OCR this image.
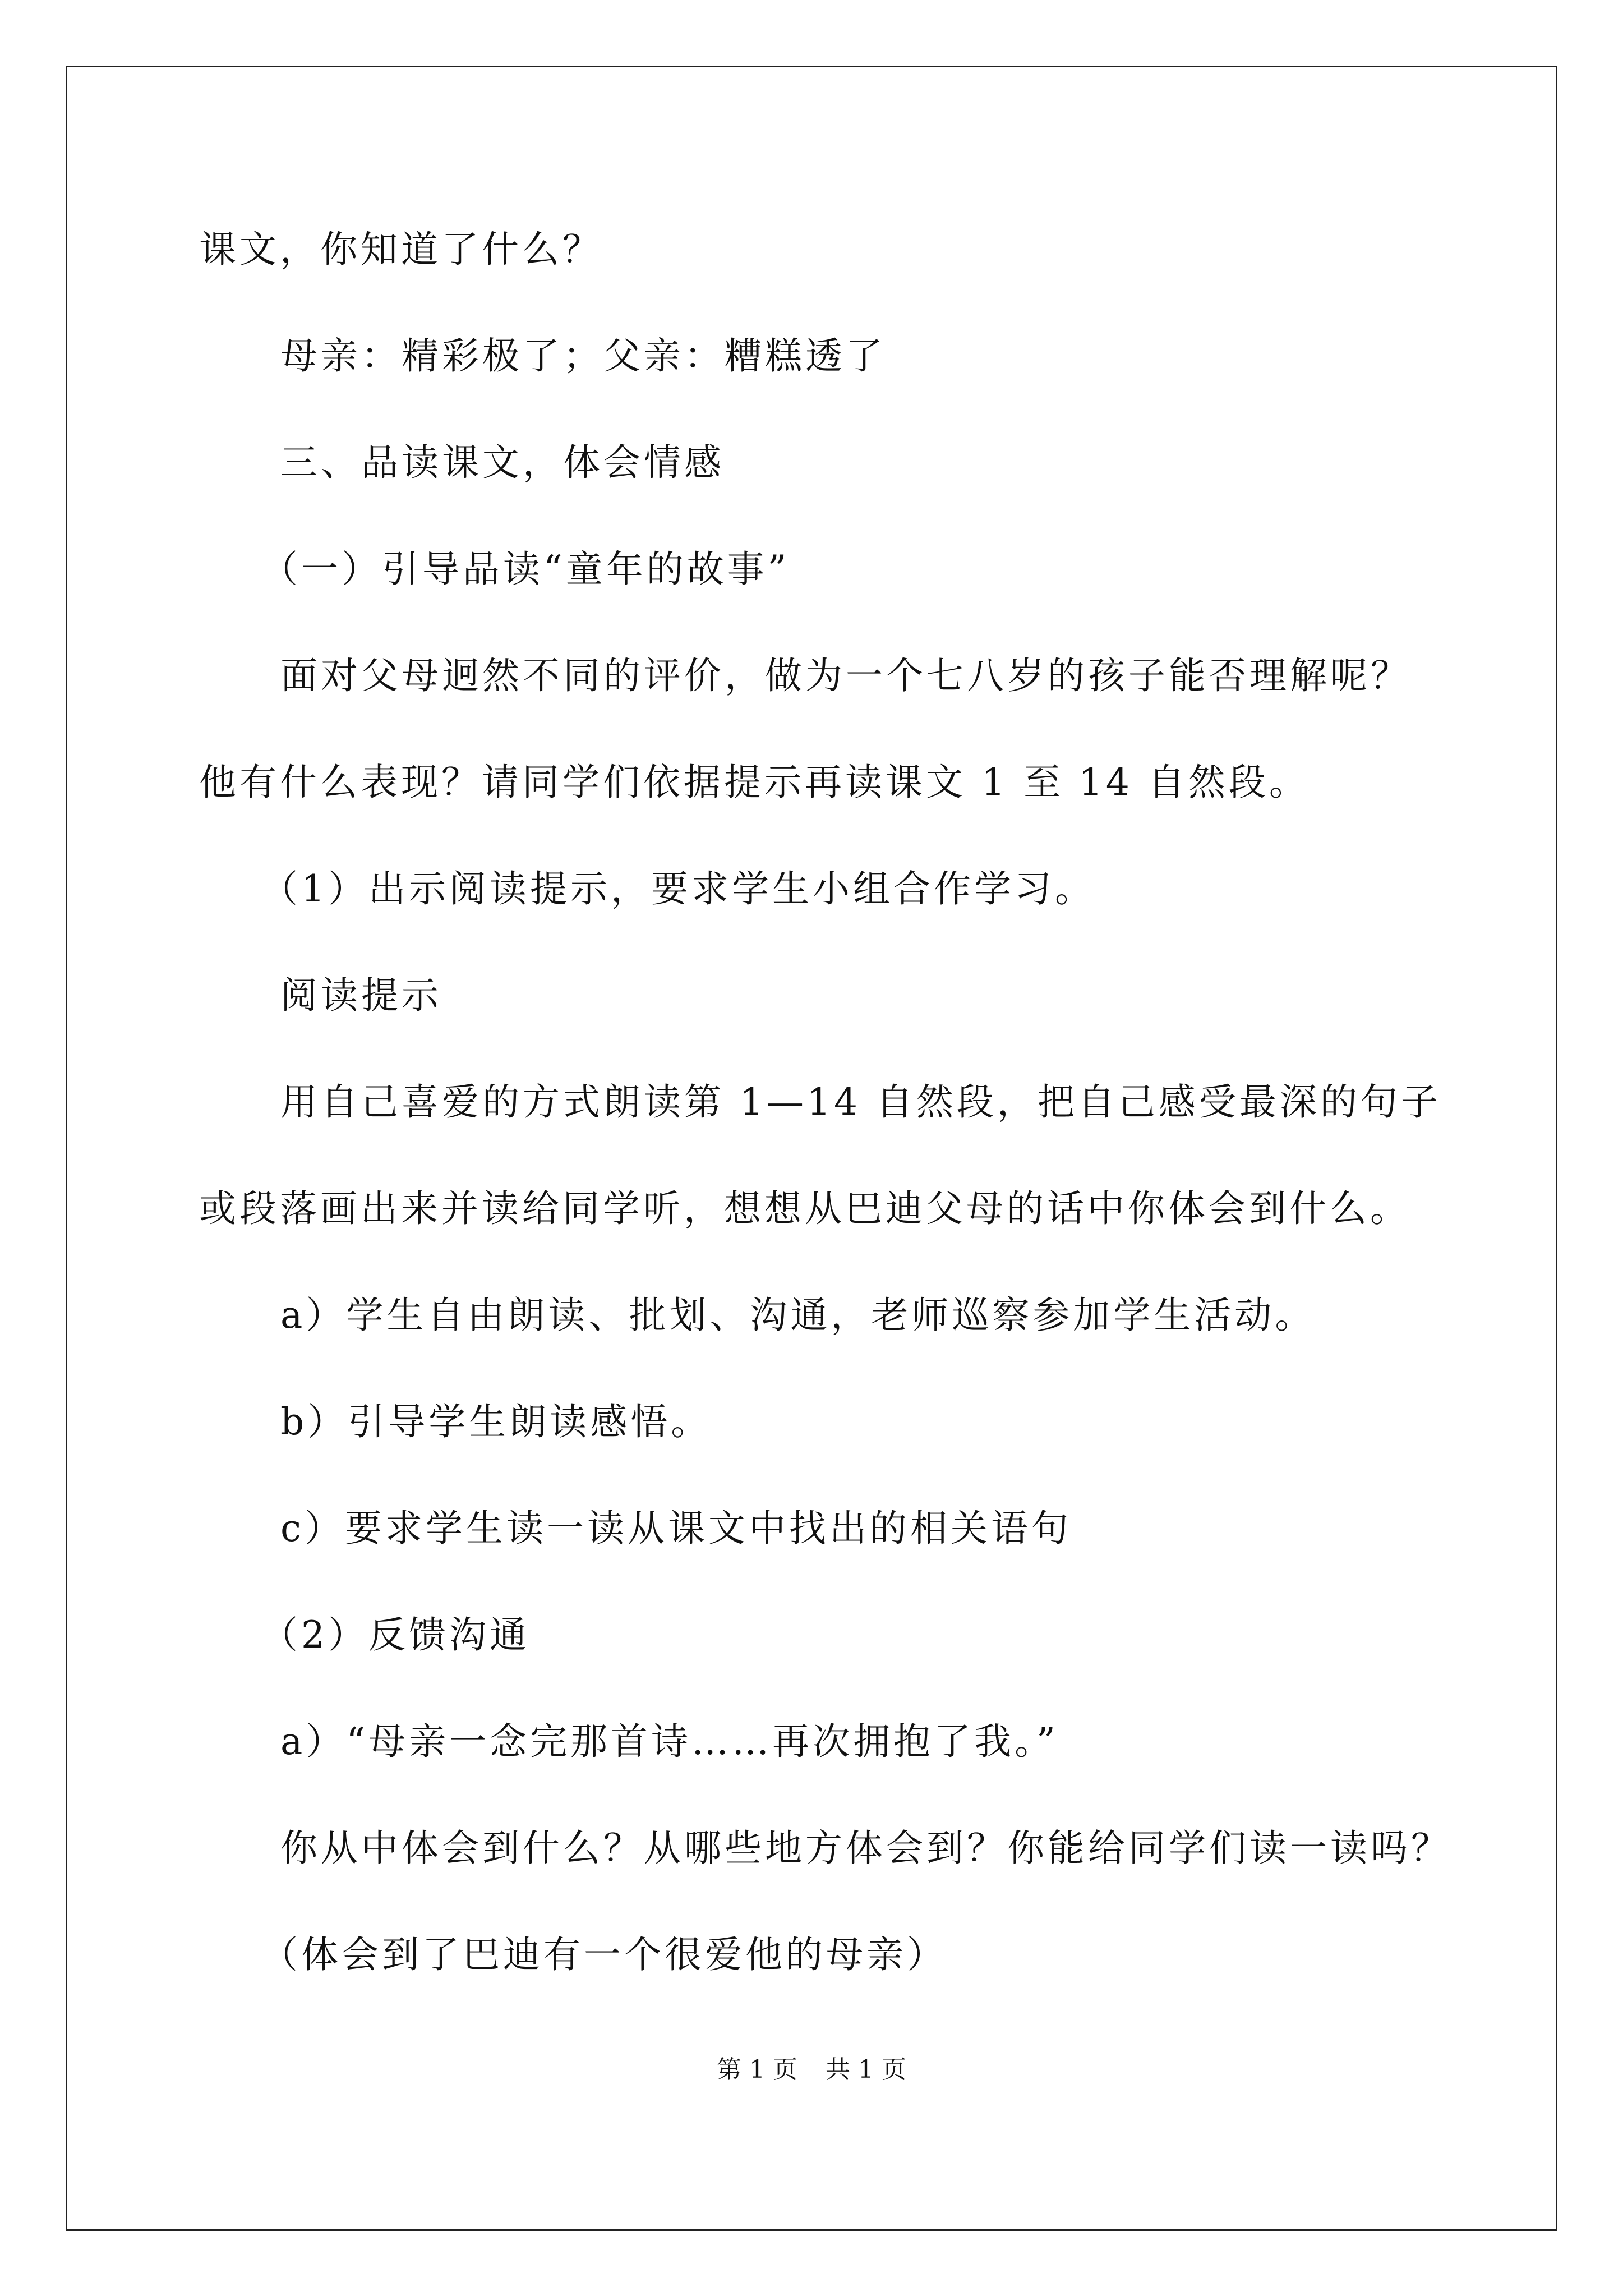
课文，你知道了什么？

母亲：精彩极了；父亲：糟糕透了

三、品读课文，体会情感

（一）引导品读“童年的故事”

面对父母迥然不同的评价，做为一个七八岁的孩子能否理解呢？

他有什么表现？请同学们依据提示再读课文 1 至 14 自然段。

（1）出示阅读提示，要求学生小组合作学习。

阅读提示

用自己喜爱的方式朗读第 1—14 自然段，把自己感受最深的句子

或段落画出来并读给同学听，想想从巴迪父母的话中你体会到什么。

a）学生自由朗读、批划、沟通，老师巡察参加学生活动。

b）引导学生朗读感悟。

c）要求学生读一读从课文中找出的相关语句

（2）反馈沟通

a）“母亲一念完那首诗……再次拥抱了我。”

你从中体会到什么？从哪些地方体会到？你能给同学们读一读吗？

（体会到了巴迪有一个很爱他的母亲）

第 1 页 共 1 页
